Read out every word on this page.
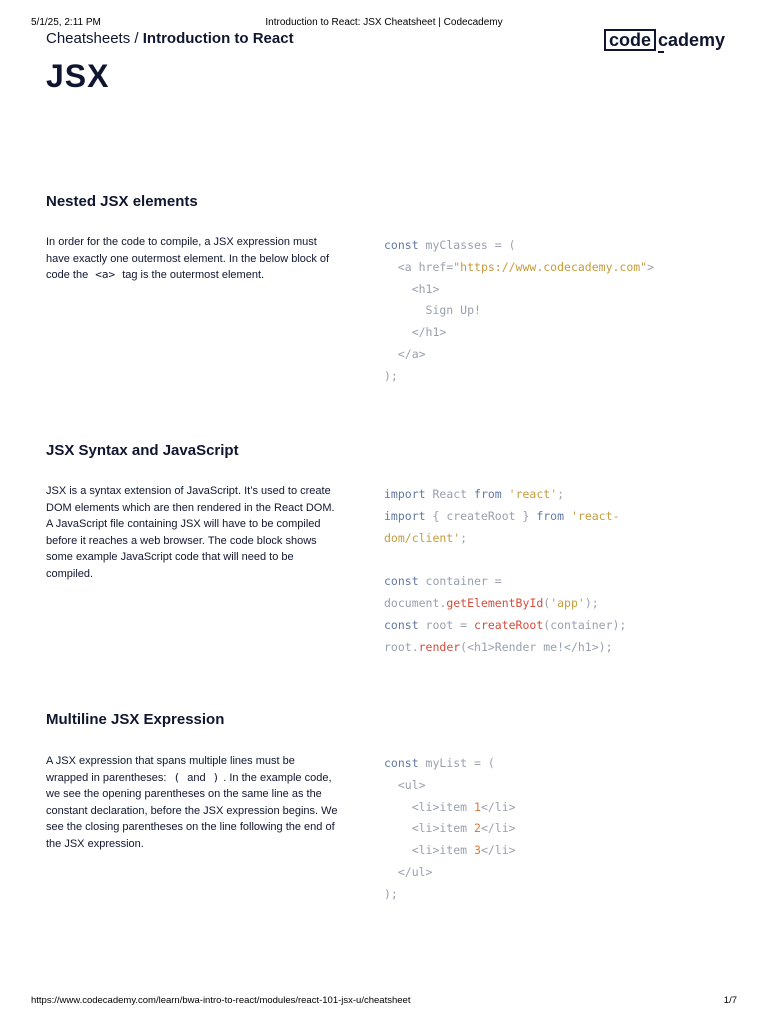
5/1/25, 2:11 PM	Introduction to React: JSX Cheatsheet | Codecademy
Cheatsheets / Introduction to React	code cademy
JSX
Nested JSX elements
In order for the code to compile, a JSX expression must have exactly one outermost element. In the below block of code the <a> tag is the outermost element.
const myClasses = (
<a href="https://www.codecademy.com">
<h1>
Sign Up!
</h1>
</a>
);
JSX Syntax and JavaScript

JSX is a syntax extension of JavaScript. It’s used to create DOM elements which are then rendered in the React DOM.

A JavaScript file containing JSX will have to be compiled before it reaches a web browser. The code block shows some example JavaScript code that will need to be compiled.

import React from 'react';
import { createRoot } from 'react-
dom/client';

const container =
document.getElementById('app');
const root = createRoot(container);
root.render(<h1>Render me!</h1>);
Multiline JSX Expression
A JSX expression that spans multiple lines must be wrapped in parentheses: ( and ) . In the example code, we see the opening parentheses on the same line as the constant declaration, before the JSX expression begins. We see the closing parentheses on the line following the end of the JSX expression.
const myList = (
<ul>
<li>item 1</li>
<li>item 2</li>
<li>item 3</li>
</ul>
);
https://www.codecademy.com/learn/bwa-intro-to-react/modules/react-101-jsx-u/cheatsheet	1/7
